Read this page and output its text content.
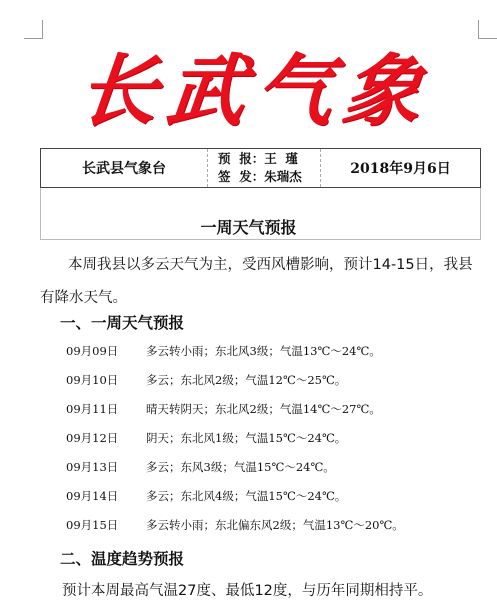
长武气象
长武县气象台
预  报：王  瑾
签  发：朱瑞杰	2018年9月6日
一周天气预报
本周我县以多云天气为主，受西风槽影响，预计14-15日，我县有降水天气。
一、一周天气预报
09月09日 多云转小雨；东北风3级；气温13℃～24℃。
09月10日 多云；东北风2级；气温12℃～25℃。
09月11日 晴天转阴天；东北风2级；气温14℃～27℃。
09月12日 阴天；东北风1级；气温15℃～24℃。
09月13日 多云；东风3级；气温15℃～24℃。
09月14日 多云；东北风4级；气温15℃～24℃。
09月15日 多云转小雨；东北偏东风2级；气温13℃～20℃。
二、温度趋势预报
预计本周最高气温27度、最低12度，与历年同期相持平。
